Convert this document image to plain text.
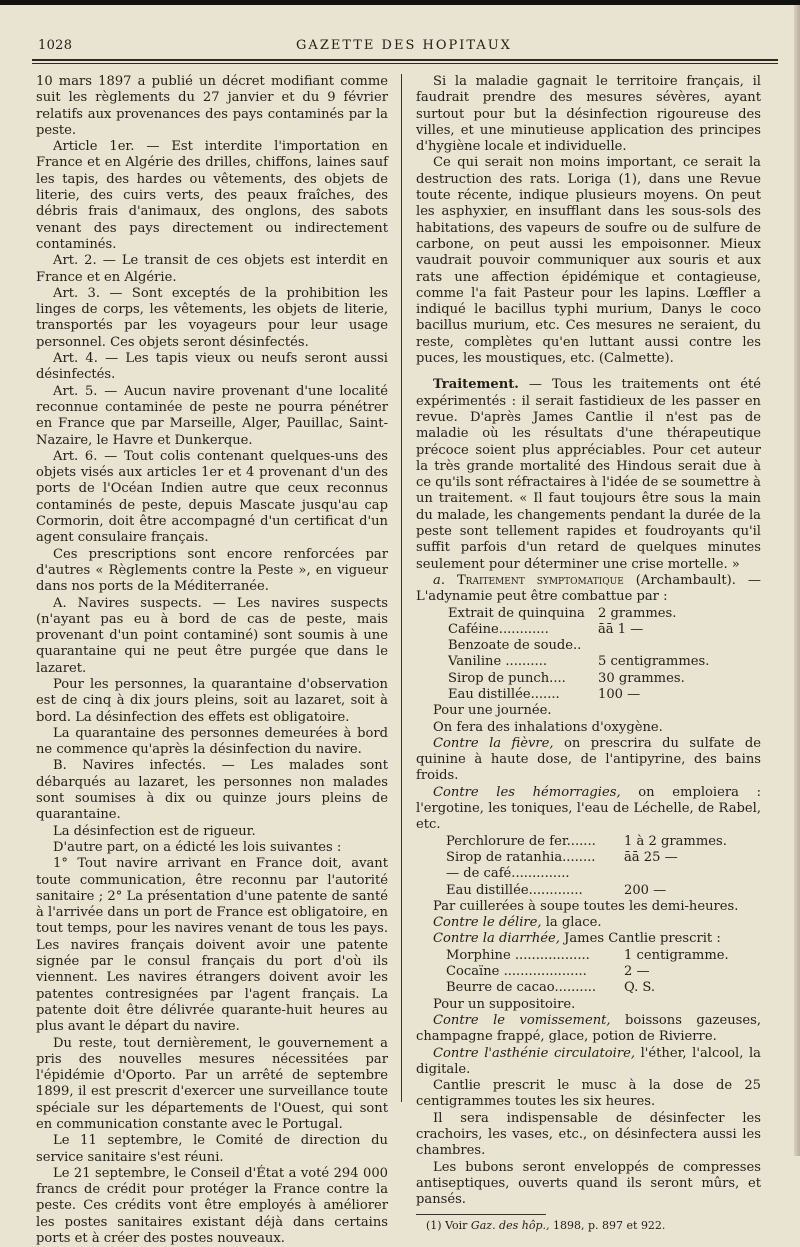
1028	GAZETTE DES HOPITAUX

10 mars 1897 a publié un décret modifiant comme suit les règlements du 27 janvier et du 9 février relatifs aux provenances des pays contaminés par la peste.

Article 1er. — Est interdite l'importation en France et en Algérie des drilles, chiffons, laines sauf les tapis, des hardes ou vêtements, des objets de literie, des cuirs verts, des peaux fraîches, des débris frais d'animaux, des onglons, des sabots venant des pays directement ou indirectement contaminés.

Art. 2. — Le transit de ces objets est interdit en France et en Algérie.

Art. 3. — Sont exceptés de la prohibition les linges de corps, les vêtements, les objets de literie, transportés par les voyageurs pour leur usage personnel. Ces objets seront désinfectés.

Art. 4. — Les tapis vieux ou neufs seront aussi désinfectés.

Art. 5. — Aucun navire provenant d'une localité reconnue contaminée de peste ne pourra pénétrer en France que par Marseille, Alger, Pauillac, Saint-Nazaire, le Havre et Dunkerque.

Art. 6. — Tout colis contenant quelques-uns des objets visés aux articles 1er et 4 provenant d'un des ports de l'Océan Indien autre que ceux reconnus contaminés de peste, depuis Mascate jusqu'au cap Cormorin, doit être accompagné d'un certificat d'un agent consulaire français.

Ces prescriptions sont encore renforcées par d'autres « Règlements contre la Peste », en vigueur dans nos ports de la Méditerranée.

A. Navires suspects. — Les navires suspects (n'ayant pas eu à bord de cas de peste, mais provenant d'un point contaminé) sont soumis à une quarantaine qui ne peut être purgée que dans le lazaret.

Pour les personnes, la quarantaine d'observation est de cinq à dix jours pleins, soit au lazaret, soit à bord. La désinfection des effets est obligatoire.

La quarantaine des personnes demeurées à bord ne commence qu'après la désinfection du navire.

B. Navires infectés. — Les malades sont débarqués au lazaret, les personnes non malades sont soumises à dix ou quinze jours pleins de quarantaine.

La désinfection est de rigueur.

D'autre part, on a édicté les lois suivantes :

1° Tout navire arrivant en France doit, avant toute communication, être reconnu par l'autorité sanitaire ; 2° La présentation d'une patente de santé à l'arrivée dans un port de France est obligatoire, en tout temps, pour les navires venant de tous les pays. Les navires français doivent avoir une patente signée par le consul français du port d'où ils viennent. Les navires étrangers doivent avoir les patentes contresignées par l'agent français. La patente doit être délivrée quarante-huit heures au plus avant le départ du navire.

Du reste, tout dernièrement, le gouvernement a pris des nouvelles mesures nécessitées par l'épidémie d'Oporto. Par un arrêté de septembre 1899, il est prescrit d'exercer une surveillance toute spéciale sur les départements de l'Ouest, qui sont en communication constante avec le Portugal.

Le 11 septembre, le Comité de direction du service sanitaire s'est réuni.

Le 21 septembre, le Conseil d'État a voté 294 000 francs de crédit pour protéger la France contre la peste. Ces crédits vont être employés à améliorer les postes sanitaires existant déjà dans certains ports et à créer des postes nouveaux.

Si la maladie gagnait le territoire français, il faudrait prendre des mesures sévères, ayant surtout pour but la désinfection rigoureuse des villes, et une minutieuse application des principes d'hygiène locale et individuelle.

Ce qui serait non moins important, ce serait la destruction des rats. Loriga (1), dans une Revue toute récente, indique plusieurs moyens. On peut les asphyxier, en insufflant dans les sous-sols des habitations, des vapeurs de soufre ou de sulfure de carbone, on peut aussi les empoisonner. Mieux vaudrait pouvoir communiquer aux souris et aux rats une affection épidémique et contagieuse, comme l'a fait Pasteur pour les lapins. Lœffler a indiqué le bacillus typhi murium, Danys le coco bacillus murium, etc. Ces mesures ne seraient, du reste, complètes qu'en luttant aussi contre les puces, les moustiques, etc. (Calmette).

Traitement. — Tous les traitements ont été expérimentés : il serait fastidieux de les passer en revue. D'après James Cantlie il n'est pas de maladie où les résultats d'une thérapeutique précoce soient plus appréciables. Pour cet auteur la très grande mortalité des Hindous serait due à ce qu'ils sont réfractaires à l'idée de se soumettre à un traitement. « Il faut toujours être sous la main du malade, les changements pendant la durée de la peste sont tellement rapides et foudroyants qu'il suffit parfois d'un retard de quelques minutes seulement pour déterminer une crise mortelle. »

a. Traitement symptomatique (Archambault). — L'adynamie peut être combattue par :

Extrait de quinquina	2 grammes.
Caféine............	āā 1 —
Benzoate de soude..
Vaniline ..........	5 centigrammes.
Sirop de punch....	30 grammes.
Eau distillée.......	100 —

Pour une journée.

On fera des inhalations d'oxygène.

Contre la fièvre, on prescrira du sulfate de quinine à haute dose, de l'antipyrine, des bains froids.

Contre les hémorragies, on emploiera : l'ergotine, les toniques, l'eau de Léchelle, de Rabel, etc.

Perchlorure de fer.......	1 à 2 grammes.
Sirop de ratanhia........	āā 25 —
— de café..............
Eau distillée.............	200 —

Par cuillerées à soupe toutes les demi-heures.

Contre le délire, la glace.

Contre la diarrhée, James Cantlie prescrit :

Morphine ..................	1 centigramme.
Cocaïne ....................	2 —
Beurre de cacao..........	Q. S.

Pour un suppositoire.

Contre le vomissement, boissons gazeuses, champagne frappé, glace, potion de Rivierre.

Contre l'asthénie circulatoire, l'éther, l'alcool, la digitale.

Cantlie prescrit le musc à la dose de 25 centigrammes toutes les six heures.

Il sera indispensable de désinfecter les crachoirs, les vases, etc., on désinfectera aussi les chambres.

Les bubons seront enveloppés de compresses antiseptiques, ouverts quand ils seront mûrs, et pansés.

(1) Voir Gaz. des hôp., 1898, p. 897 et 922.
